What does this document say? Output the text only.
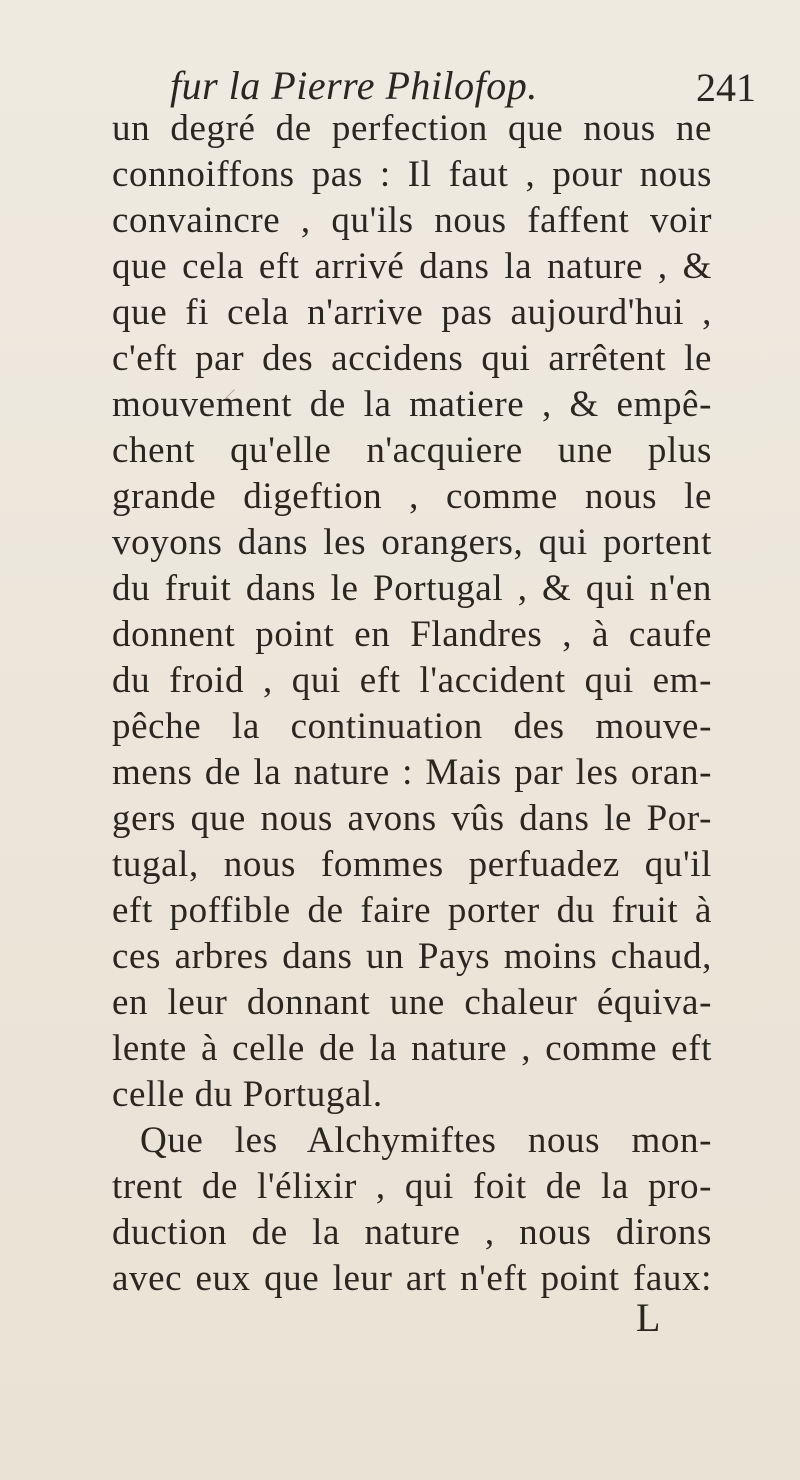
fur la Pierre Philofop.	241
un degré de perfection que nous ne
connoiffons pas : Il faut , pour nous
convaincre , qu'ils nous faffent voir
que cela eft arrivé dans la nature , &
que fi cela n'arrive pas aujourd'hui ,
c'eft par des accidens qui arrêtent le
mouvement de la matiere , & empê-
chent qu'elle n'acquiere une plus
grande digeftion , comme nous le
voyons dans les orangers, qui portent
du fruit dans le Portugal , & qui n'en
donnent point en Flandres , à caufe
du froid , qui eft l'accident qui em-
pêche la continuation des mouve-
mens de la nature : Mais par les oran-
gers que nous avons vûs dans le Por-
tugal, nous fommes perfuadez qu'il
eft poffible de faire porter du fruit à
ces arbres dans un Pays moins chaud,
en leur donnant une chaleur équiva-
lente à celle de la nature , comme eft
celle du Portugal.
Que les Alchymiftes nous mon-
trent de l'élixir , qui foit de la pro-
duction de la nature , nous dirons
avec eux que leur art n'eft point faux:
L
